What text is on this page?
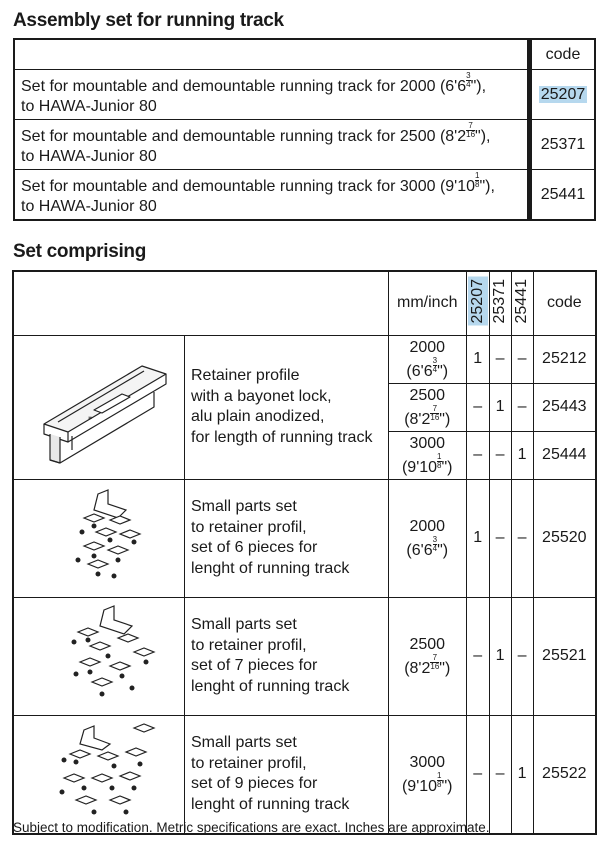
Assembly set for running track
	code
Set for mountable and demountable running track for 2000 ($6'6 \frac{3}{4}$ "),
to HAWA-Junior 80	25207
Set for mountable and demountable running track for 2500 ($8'2 \frac{7}{16}$ "),
to HAWA-Junior 80	25371
Set for mountable and demountable running track for 3000 ($9'10 \frac{1}{8}$ "),
to HAWA-Junior 80	25441
Set comprising
		mm/inch	25207	25371	25441	code

*	Retainer profile
with a bayonet lock,
alu plain anodized,
for length of running track	2000
($6'6 \frac{3}{4}$ ")	1	–	–	25212
		2500
($8'2 \frac{7}{16}$ ")	–	1	–	25443
		3000
($9'10 \frac{1}{8}$ ")	–	–	1	25444
	Small parts set
to retainer profil,
set of 6 pieces for
lenght of running track	2000
($6'6 \frac{3}{4}$ ")	1	–	–	25520
	Small parts set
to retainer profil,
set of 7 pieces for
lenght of running track	2500
($8'2 \frac{7}{16}$ ")	–	1	–	25521
	Small parts set
to retainer profil,
set of 9 pieces for
lenght of running track	3000
($9'10 \frac{1}{8}$ ")	–	–	1	25522
Subject to modification. Metric specifications are exact. Inches are approximate.
